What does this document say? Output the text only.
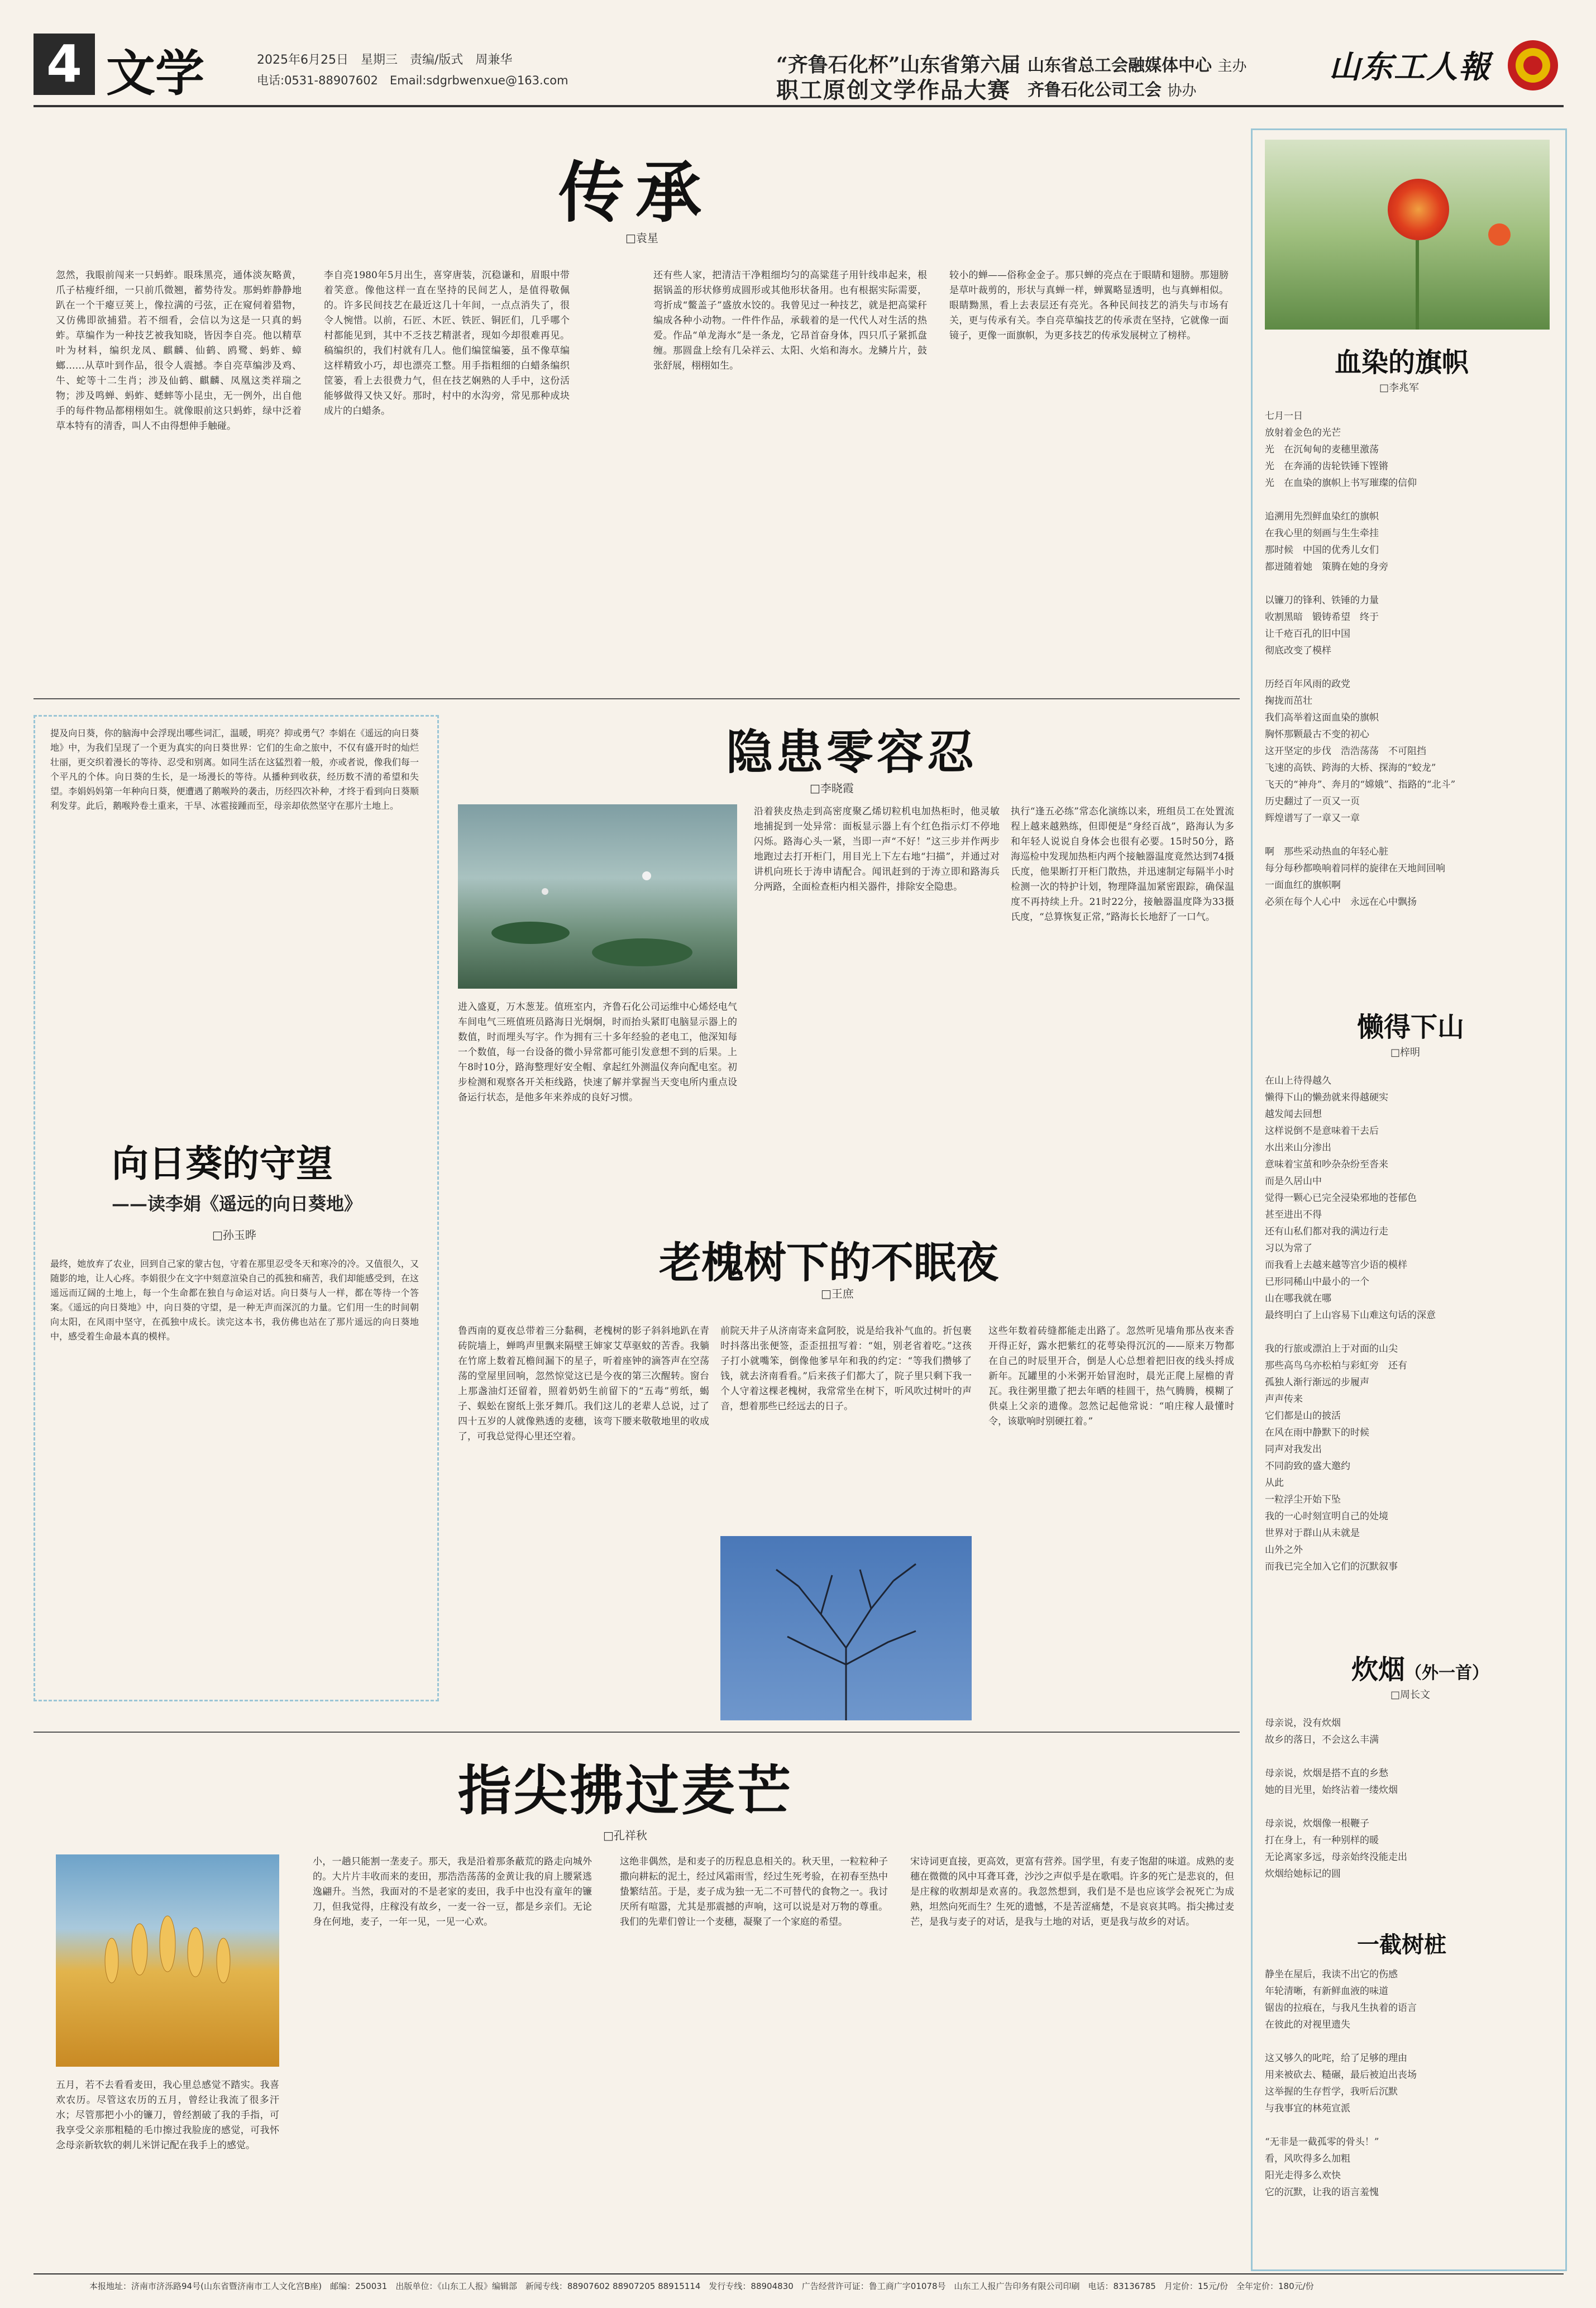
4 文学	2025年6月25日　星期三　责编/版式　周兼华
电话:0531-88907602　Email:sdgrbwenxue@163.com
“齐鲁石化杯”山东省第六届
职工原创文学作品大赛
山东省总工会融媒体中心 主办
齐鲁石化公司工会 协办
山东工人報
传承
□袁星
忽然，我眼前闯来一只蚂蚱。眼珠黑亮，通体淡灰略黄，爪子枯瘦纤细，一只前爪微翘，蓄势待发。那蚂蚱静静地趴在一个干瘪豆荚上，像拉满的弓弦，正在窥伺着猎物，又仿佛即欲捕猎。若不细看，会信以为这是一只真的蚂蚱。草编作为一种技艺被我知晓，皆因李自亮。他以精草叶为材料，编织龙凤、麒麟、仙鹤、鸥鹭、蚂蚱、蟑螂……从草叶到作品，很令人震撼。李自亮草编涉及鸡、牛、蛇等十二生肖；涉及仙鹤、麒麟、凤凰这类祥瑞之物；涉及鸣蝉、蚂蚱、蟋蟀等小昆虫，无一例外，出自他手的每件物品都栩栩如生。就像眼前这只蚂蚱，绿中泛着草本特有的清香，叫人不由得想伸手触碰。
李自亮1980年5月出生，喜穿唐装，沉稳谦和，眉眼中带着笑意。像他这样一直在坚持的民间艺人，是值得敬佩的。许多民间技艺在最近这几十年间，一点点消失了，很令人惋惜。以前，石匠、木匠、铁匠、铜匠们，几乎哪个村都能见到，其中不乏技艺精湛者，现如今却很难再见。稿编织的，我们村就有几人。他们编筐编篓，虽不像草编这样精致小巧，却也漂亮工整。用手指粗细的白蜡条编织筐篓，看上去很费力气，但在技艺娴熟的人手中，这份活能够做得又快又好。那时，村中的水沟旁，常见那种成块成片的白蜡条。
还有些人家，把清洁干净粗细均匀的高粱莛子用针线串起来，根据锅盖的形状修剪成圆形或其他形状备用。也有根据实际需要，弯折成“鳖盖子”盛放水饺的。我曾见过一种技艺，就是把高粱秆编成各种小动物。一件件作品，承载着的是一代代人对生活的热爱。作品“单龙海水”是一条龙，它昂首奋身体，四只爪子紧抓盘缠。那圆盘上绘有几朵祥云、太阳、火焰和海水。龙鳞片片，鼓张舒展，栩栩如生。
较小的蝉——俗称金金子。那只蝉的亮点在于眼睛和翅膀。那翅膀是草叶裁剪的，形状与真蝉一样，蝉翼略显透明，也与真蝉相似。眼睛黝黑，看上去表层还有亮光。各种民间技艺的消失与市场有关，更与传承有关。李自亮草编技艺的传承责在坚持，它就像一面镜子，更像一面旗帜，为更多技艺的传承发展树立了榜样。
提及向日葵，你的脑海中会浮现出哪些词汇，温暖，明亮？抑或勇气？李娟在《遥远的向日葵地》中，为我们呈现了一个更为真实的向日葵世界：它们的生命之旅中，不仅有盛开时的灿烂壮丽，更交织着漫长的等待、忍受和别离。如同生活在这猛烈着一般，亦或者说，像我们每一个平凡的个体。向日葵的生长，是一场漫长的等待。从播种到收获，经历数不清的希望和失望。李娟妈妈第一年种向日葵，便遭遇了鹅喉羚的袭击，历经四次补种，才终于看到向日葵顺利发芽。此后，鹅喉羚卷土重来，干旱、冰雹接踵而至，母亲却依然坚守在那片土地上。
向日葵的守望
——读李娟《遥远的向日葵地》
□孙玉晔
最终，她放弃了农业，回到自己家的蒙古包，守着在那里忍受冬天和寒冷的冷。又值很久，又随影的地，让人心疼。李娟很少在文字中刻意渲染自己的孤独和痛苦，我们却能感受到，在这遥远而辽阔的土地上，每一个生命都在独自与命运对话。向日葵与人一样，都在等待一个答案。《遥远的向日葵地》中，向日葵的守望，是一种无声而深沉的力量。它们用一生的时间朝向太阳，在风雨中坚守，在孤独中成长。读完这本书，我仿佛也站在了那片遥远的向日葵地中，感受着生命最本真的模样。
隐患零容忍
□李晓霞
进入盛夏，万木葱茏。值班室内，齐鲁石化公司运维中心烯烃电气车间电气三班值班员路海日光炯炯，时而抬头紧盯电脑显示器上的数值，时而埋头写字。作为拥有三十多年经验的老电工，他深知每一个数值，每一台设备的微小异常都可能引发意想不到的后果。上午8时10分，路海整理好安全帽、拿起红外测温仪奔向配电室。初步检测和观察各开关柜线路，快速了解并掌握当天变电所内重点设备运行状态，是他多年来养成的良好习惯。
沿着狭皮热走到高密度聚乙烯切粒机电加热柜时，他灵敏地捕捉到一处异常：面板显示器上有个红色指示灯不停地闪烁。路海心头一紧，当即一声“不好！”这三步并作两步地跑过去打开柜门，用目光上下左右地“扫描”，并通过对讲机向班长于涛申请配合。闻讯赶到的于涛立即和路海兵分两路，全面检查柜内相关器件，排除安全隐患。
执行“逢五必练”常态化演练以来，班组员工在处置流程上越来越熟练，但即便是“身经百战”，路海认为多和年轻人说说自身体会也很有必要。15时50分，路海巡检中发现加热柜内两个接触器温度竟然达到74摄氏度，他果断打开柜门散热，并迅速制定每隔半小时检测一次的特护计划，物理降温加紧密跟踪，确保温度不再持续上升。21时22分，接触器温度降为33摄氏度，“总算恢复正常，”路海长长地舒了一口气。
老槐树下的不眠夜
□王庶
鲁西南的夏夜总带着三分黏稠，老槐树的影子斜斜地趴在青砖院墙上，蝉鸣声里飘来隔壁王婶家艾草驱蚊的苦香。我躺在竹席上数着瓦檐间漏下的星子，听着座钟的滴答声在空荡荡的堂屋里回响，忽然惊觉这已是今夜的第三次醒转。窗台上那盏油灯还留着，照着奶奶生前留下的“五毒”剪纸，蝎子、蜈蚣在窗纸上张牙舞爪。我们这儿的老辈人总说，过了四十五岁的人就像熟透的麦穗，该弯下腰来敬敬地里的收成了，可我总觉得心里还空着。
前院天井子从济南寄来盒阿胶，说是给我补气血的。折包裹时抖落出张便签，歪歪扭扭写着：“姐，别老省着吃。”这孩子打小就嘴笨，倒像他爹早年和我的约定：“等我们攒够了钱，就去济南看看。”后来孩子们都大了，院子里只剩下我一个人守着这棵老槐树，我常常坐在树下，听风吹过树叶的声音，想着那些已经远去的日子。
这些年数着砖缝都能走出路了。忽然听见墙角那丛夜来香开得正好，露水把紫红的花萼染得沉沉的——原来万物都在自己的时辰里开合，倒是人心总想着把旧夜的线头捋成新年。瓦罐里的小米粥开始冒泡时，晨光正爬上屋檐的青瓦。我往粥里撒了把去年晒的桂圆干，热气腾腾，模糊了供桌上父亲的遗像。忽然记起他常说：“咱庄稼人最懂时令，该歇响时别硬扛着。”
指尖拂过麦芒
□孔祥秋
五月，若不去看看麦田，我心里总感觉不踏实。我喜欢农历。尽管这农历的五月，曾经让我流了很多汗水；尽管那把小小的镰刀，曾经割破了我的手指，可我享受父亲那粗糙的毛巾擦过我脸庞的感觉，可我怀念母亲新软软的刺儿米饼记配在我手上的感觉。
小，一趟只能割一垄麦子。那天，我是沿着那条蔽荒的路走向城外的。大片片丰收而来的麦田，那浩浩荡荡的金黄让我的肩上腰紧逃逸翩升。当然，我面对的不是老家的麦田，我手中也没有童年的镰刀，但我觉得，庄稼没有故乡，一麦一谷一豆，都是乡亲们。无论身在何地，麦子，一年一见，一见一心欢。
这绝非偶然，是和麦子的历程息息相关的。秋天里，一粒粒种子撒向耕耘的泥土，经过风霜雨雪，经过生死考验，在初春至热中蛰繁结茁。于是，麦子成为独一无二不可替代的食物之一。我讨厌所有喧嚣，尤其是那震撼的声响，这可以说是对万物的尊重。我们的先辈们曾让一个麦穗，凝聚了一个家庭的希望。
宋诗词更直接，更高效，更富有营养。国学里，有麦子饱甜的味道。成熟的麦穗在微微的风中耳聋耳聋，沙沙之声似乎是在歌唱。许多的死亡是悲哀的，但是庄稼的收割却是欢喜的。我忽然想到，我们是不是也应该学会祝死亡为成熟，坦然向死而生？生死的遗憾，不是苦涩痛楚，不是哀哀其鸣。指尖拂过麦芒，是我与麦子的对话，是我与土地的对话，更是我与故乡的对话。
血染的旗帜
□李兆军
七月一日
放射着金色的光芒
光　在沉甸甸的麦穗里激荡
光　在奔涌的齿轮铁锤下铿锵
光　在血染的旗帜上书写璀璨的信仰

追溯用先烈鲜血染红的旗帜
在我心里的刻画与生生牵挂
那时候　中国的优秀儿女们
都迸随着她　策腾在她的身旁

以镰刀的锋利、铁锤的力量
收割黑暗　锻铸希望　终于
让千疮百孔的旧中国
彻底改变了模样

历经百年风雨的政党
掬拢而茁壮
我们高举着这面血染的旗帜
胸怀那颗最古不变的初心
这开坚定的步伐　浩浩荡荡　不可阻挡
飞速的高铁、跨海的大桥、探海的“蛟龙”
飞天的“神舟”、奔月的“嫦娥”、指路的“北斗”
历史翻过了一页又一页
辉煌谱写了一章又一章

啊　那些采动热血的年轻心脏
每分每秒都唤响着同样的旋律在天地间回响
一面血红的旗帜啊
必须在每个人心中　永远在心中飘扬
懒得下山
□梓明
在山上待得越久
懒得下山的懒劲就来得越硬实
越发闻去回想
这样说倒不是意味着干去后
水出来山分渗出
意味着宝茧和吵杂杂纷至沓来
而是久居山中
觉得一颗心已完全浸染邪地的苍郁色
甚至进出不得
还有山私们都对我的满边行走
习以为常了
而我看上去越来越等宫少语的模样
已形同稀山中最小的一个
山在哪我就在哪
最终明白了上山容易下山难这句话的深意

我的行旅或漂泊上于对面的山尖
那些高鸟乌亦松柏与彩虹旁　还有
孤独人渐行渐远的步履声
声声传来
它们都是山的披活
在风在雨中静默下的时候
同声对我发出
不同韵致的盛大邀约
从此
一粒浮尘开始下坠
我的一心时刻宣明自己的处境
世界对于群山从未就是
山外之外
而我已完全加入它们的沉默叙事
炊烟（外一首）
□周长文
母亲说，没有炊烟
故乡的落日，不会这么丰满

母亲说，炊烟是搭不直的乡愁
她的目光里，始终沾着一缕炊烟

母亲说，炊烟像一根鞭子
打在身上，有一种别样的暖
无论离家多远，母亲始终没能走出
炊烟给她标记的圆
一截树桩
静坐在屋后，我读不出它的伤感
年轮清晰，有新鲜血液的味道
锯齿的拉痕在，与我凡生执着的语言
在彼此的对视里遗失

这又够久的叱咤，给了足够的理由
用来被砍去、糙碾，最后被迫出丧场
这举握的生存哲学，我听后沉默
与我事宜的林苑宣派

“无非是一截孤零的骨头！”
看，风吹得多么加粗
阳光走得多么欢快
它的沉默，让我的语言羞愧
本报地址：济南市济泺路94号(山东省暨济南市工人文化宫B座)　邮编：250031　出版单位：《山东工人报》编辑部　新闻专线：88907602 88907205 88915114　发行专线：88904830　广告经营许可证：鲁工商广字01078号　山东工人报广告印务有限公司印刷　电话：83136785　月定价：15元/份　全年定价：180元/份
